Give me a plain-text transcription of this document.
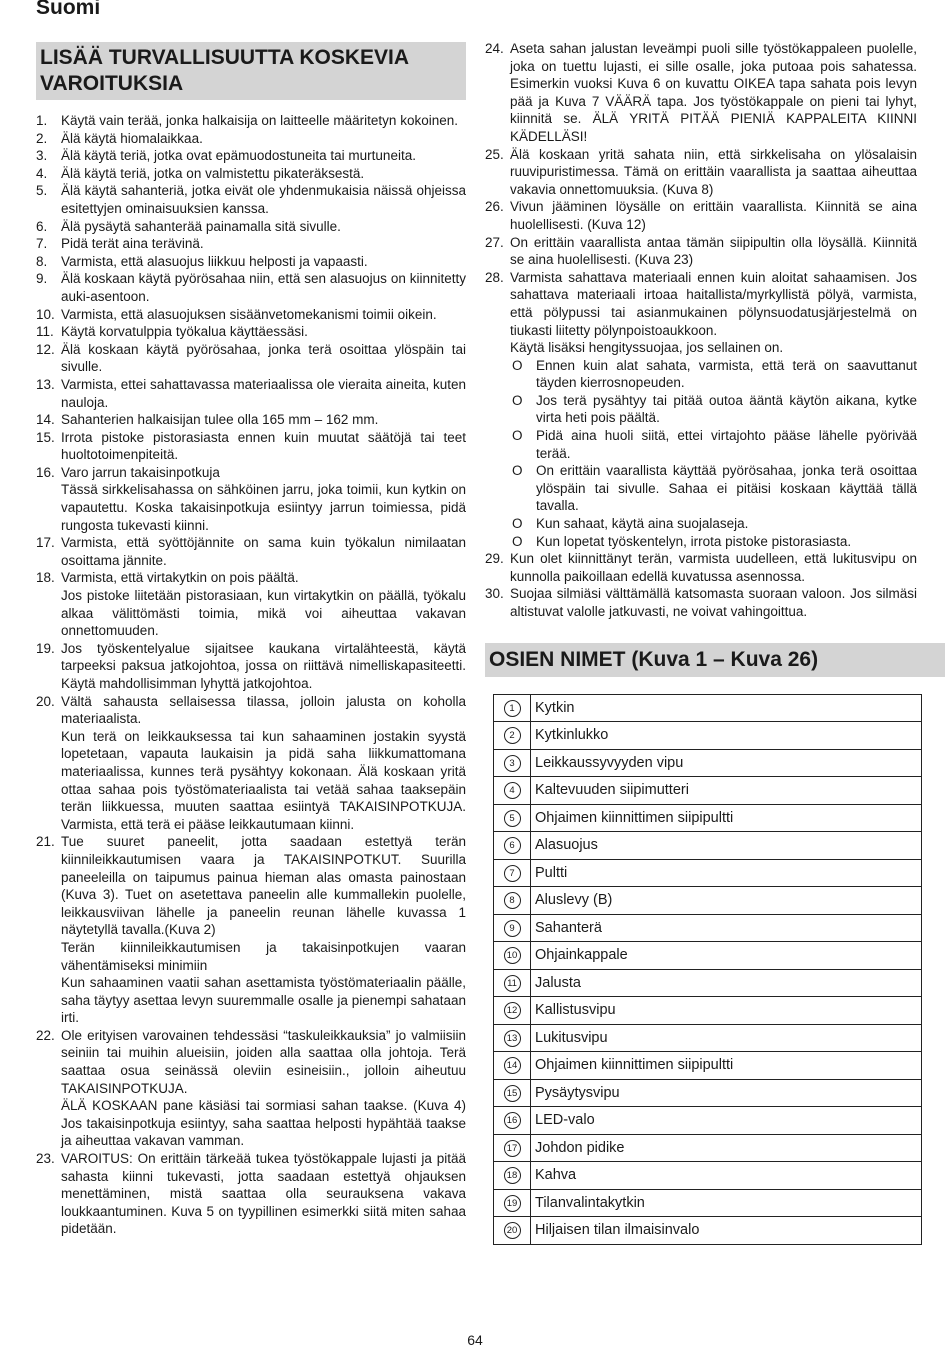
Suomi
LISÄÄ TURVALLISUUTTA KOSKEVIA VAROITUKSIA
1. Käytä vain terää, jonka halkaisija on laitteelle määritetyn kokoinen.
2. Älä käytä hiomalaikkaa.
3. Älä käytä teriä, jotka ovat epämuodostuneita tai murtuneita.
4. Älä käytä teriä, jotka on valmistettu pikateräksestä.
5. Älä käytä sahanteriä, jotka eivät ole yhdenmukaisia näissä ohjeissa esitettyjen ominaisuuksien kanssa.
6. Älä pysäytä sahanterää painamalla sitä sivulle.
7. Pidä terät aina terävinä.
8. Varmista, että alasuojus liikkuu helposti ja vapaasti.
9. Älä koskaan käytä pyörösahaa niin, että sen alasuojus on kiinnitetty auki-asentoon.
10. Varmista, että alasuojuksen sisäänvetomekanismi toimii oikein.
11. Käytä korvatulppia työkalua käyttäessäsi.
12. Älä koskaan käytä pyörösahaa, jonka terä osoittaa ylöspäin tai sivulle.
13. Varmista, ettei sahattavassa materiaalissa ole vieraita aineita, kuten nauloja.
14. Sahanterien halkaisijan tulee olla 165 mm – 162 mm.
15. Irrota pistoke pistorasiasta ennen kuin muutat säätöjä tai teet huoltotoimenpiteitä.
16. Varo jarrun takaisinpotkuja
Tässä sirkkelisahassa on sähköinen jarru, joka toimii, kun kytkin on vapautettu. Koska takaisinpotkuja esiintyy jarrun toimiessa, pidä rungosta tukevasti kiinni.
17. Varmista, että syöttöjännite on sama kuin työkalun nimilaatan osoittama jännite.
18. Varmista, että virtakytkin on pois päältä.
Jos pistoke liitetään pistorasiaan, kun virtakytkin on päällä, työkalu alkaa välittömästi toimia, mikä voi aiheuttaa vakavan onnettomuuden.
19. Jos työskentelyalue sijaitsee kaukana virtalähteestä, käytä tarpeeksi paksua jatkojohtoa, jossa on riittävä nimelliskapasiteetti. Käytä mahdollisimman lyhyttä jatkojohtoa.
20. Vältä sahausta sellaisessa tilassa, jolloin jalusta on koholla materiaalista.
Kun terä on leikkauksessa tai kun sahaaminen jostakin syystä lopetetaan, vapauta laukaisin ja pidä saha liikkumattomana materiaalissa, kunnes terä pysähtyy kokonaan. Älä koskaan yritä ottaa sahaa pois työstömateriaalista tai vetää sahaa taaksepäin terän liikkuessa, muuten saattaa esiintyä TAKAISINPOTKUJA. Varmista, että terä ei pääse leikkautumaan kiinni.
21. Tue suuret paneelit, jotta saadaan estettyä terän kiinnileikkautumisen vaara ja TAKAISINPOTKUT. Suurilla paneeleilla on taipumus painua hieman alas omasta painostaan (Kuva 3). Tuet on asetettava paneelin alle kummallekin puolelle, leikkausviivan lähelle ja paneelin reunan lähelle kuvassa 1 näytetyllä tavalla.(Kuva 2)
Terän kiinnileikkautumisen ja takaisinpotkujen vaaran vähentämiseksi minimiin
Kun sahaaminen vaatii sahan asettamista työstömateriaalin päälle, saha täytyy asettaa levyn suuremmalle osalle ja pienempi sahataan irti.
22. Ole erityisen varovainen tehdessäsi “taskuleikkauksia” jo valmiisiin seiniin tai muihin alueisiin, joiden alla saattaa olla johtoja. Terä saattaa osua seinässä oleviin esineisiin., jolloin aiheutuu TAKAISINPOTKUJA.
ÄLÄ KOSKAAN pane käsiäsi tai sormiasi sahan taakse. (Kuva 4) Jos takaisinpotkuja esiintyy, saha saattaa helposti hypähtää taakse ja aiheuttaa vakavan vamman.
23. VAROITUS: On erittäin tärkeää tukea työstökappale lujasti ja pitää sahasta kiinni tukevasti, jotta saadaan estettyä ohjauksen menettäminen, mistä saattaa olla seurauksena vakava loukkaantuminen. Kuva 5 on tyypillinen esimerkki siitä miten sahaa pidetään.
24. Aseta sahan jalustan leveämpi puoli sille työstökappaleen puolelle, joka on tuettu lujasti, ei sille osalle, joka putoaa pois sahatessa. Esimerkin vuoksi Kuva 6 on kuvattu OIKEA tapa sahata pois levyn pää ja Kuva 7 VÄÄRÄ tapa. Jos työstökappale on pieni tai lyhyt, kiinnitä se. ÄLÄ YRITÄ PITÄÄ PIENIÄ KAPPALEITA KIINNI KÄDELLÄSI!
25. Älä koskaan yritä sahata niin, että sirkkelisaha on ylösalaisin ruuvipuristimessa. Tämä on erittäin vaarallista ja saattaa aiheuttaa vakavia onnettomuuksia. (Kuva 8)
26. Vivun jääminen löysälle on erittäin vaarallista. Kiinnitä se aina huolellisesti. (Kuva 12)
27. On erittäin vaarallista antaa tämän siipipultin olla löysällä. Kiinnitä se aina huolellisesti. (Kuva 23)
28. Varmista sahattava materiaali ennen kuin aloitat sahaamisen. Jos sahattava materiaali irtoaa haitallista/myrkyllistä pölyä, varmista, että pölypussi tai asianmukainen pölynsuodatusjärjestelmä on tiukasti liitetty pölynpoistoaukkoon.
Käytä lisäksi hengityssuojaa, jos sellainen on.
O Ennen kuin alat sahata, varmista, että terä on saavuttanut täyden kierrosnopeuden.
O Jos terä pysähtyy tai pitää outoa ääntä käytön aikana, kytke virta heti pois päältä.
O Pidä aina huoli siitä, ettei virtajohto pääse lähelle pyörivää terää.
O On erittäin vaarallista käyttää pyörösahaa, jonka terä osoittaa ylöspäin tai sivulle. Sahaa ei pitäisi koskaan käyttää tällä tavalla.
O Kun sahaat, käytä aina suojalaseja.
O Kun lopetat työskentelyn, irrota pistoke pistorasiasta.
29. Kun olet kiinnittänyt terän, varmista uudelleen, että lukitusvipu on kunnolla paikoillaan edellä kuvatussa asennossa.
30. Suojaa silmiäsi välttämällä katsomasta suoraan valoon. Jos silmäsi altistuvat valolle jatkuvasti, ne voivat vahingoittua.
OSIEN NIMET (Kuva 1 – Kuva 26)
1	Kytkin
2	Kytkinlukko
3	Leikkaussyvyyden vipu
4	Kaltevuuden siipimutteri
5	Ohjaimen kiinnittimen siipipultti
6	Alasuojus
7	Pultti
8	Aluslevy (B)
9	Sahanterä
10	Ohjainkappale
11	Jalusta
12	Kallistusvipu
13	Lukitusvipu
14	Ohjaimen kiinnittimen siipipultti
15	Pysäytysvipu
16	LED-valo
17	Johdon pidike
18	Kahva
19	Tilanvalintakytkin
20	Hiljaisen tilan ilmaisinvalo
64
